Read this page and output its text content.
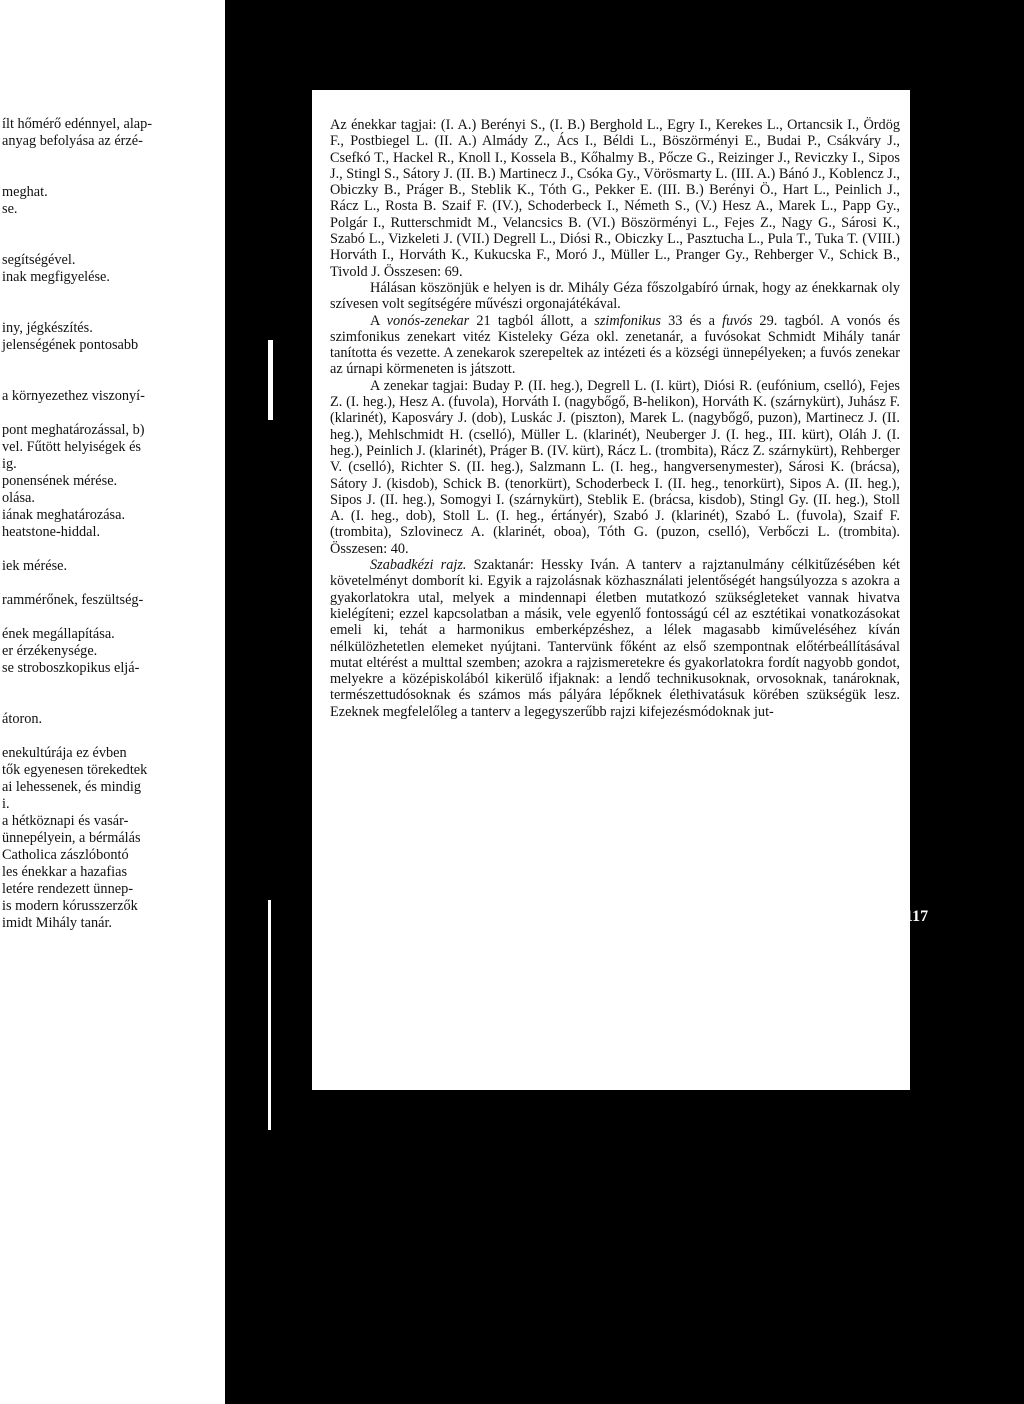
ílt hőmérő edénnyel, alap-
anyag befolyása az érzé-
meghat.
se.
segítségével.
inak megfigyelése.
iny, jégkészítés.
jelenségének pontosabb
a környezethez viszonyí-
pont meghatározással, b)
vel. Fűtött helyiségek és
ig.
ponensének mérése.
olása.
iának meghatározása.
heatstone-hiddal.
iek mérése.
rammérőnek, feszültség-
ének megállapítása.
er érzékenysége.
se stroboszkopikus eljá-
átoron.
enekultúrája ez évben
tők egyenesen törekedtek
ai lehessenek, és mindig
i.
a hétköznapi és vasár-
ünnepélyein, a bérmálás
Catholica zászlóbontó
les énekkar a hazafias
letére rendezett ünnep-
is modern kórusszerzők
imidt Mihály tanár.

Az énekkar tagjai: (I. A.) Berényi S., (I. B.) Berghold L., Egry I., Kerekes L., Ortancsik I., Ördög F., Postbiegel L. (II. A.) Almády Z., Ács I., Béldi L., Böszörményi E., Budai P., Csákváry J., Csefkó T., Hackel R., Knoll I., Kossela B., Kőhalmy B., Pőcze G., Reizinger J., Reviczky I., Sipos J., Stingl S., Sátory J. (II. B.) Martinecz J., Csóka Gy., Vörösmarty L. (III. A.) Bánó J., Koblencz J., Obiczky B., Práger B., Steblik K., Tóth G., Pekker E. (III. B.) Berényi Ö., Hart L., Peinlich J., Rácz L., Rosta B. Szaif F. (IV.), Schoderbeck I., Németh S., (V.) Hesz A., Marek L., Papp Gy., Polgár I., Rutterschmidt M., Velancsics B. (VI.) Böszörményi L., Fejes Z., Nagy G., Sárosi K., Szabó L., Vizkeleti J. (VII.) Degrell L., Diósi R., Obiczky L., Pasztucha L., Pula T., Tuka T. (VIII.) Horváth I., Horváth K., Kukucska F., Moró J., Müller L., Pranger Gy., Rehberger V., Schick B., Tivold J. Összesen: 69.

Hálásan köszönjük e helyen is dr. Mihály Géza főszolgabíró úrnak, hogy az énekkarnak oly szívesen volt segítségére művészi orgonajátékával.

A vonós-zenekar 21 tagból állott, a szimfonikus 33 és a fuvós 29. tagból. A vonós és szimfonikus zenekart vitéz Kisteleky Géza okl. zenetanár, a fuvósokat Schmidt Mihály tanár tanította és vezette. A zenekarok szerepeltek az intézeti és a községi ünnepélyeken; a fuvós zenekar az úrnapi körmeneten is játszott.

A zenekar tagjai: Buday P. (II. heg.), Degrell L. (I. kürt), Diósi R. (eufónium, cselló), Fejes Z. (I. heg.), Hesz A. (fuvola), Horváth I. (nagybőgő, B-helikon), Horváth K. (szárnykürt), Juhász F. (klarinét), Kaposváry J. (dob), Luskác J. (piszton), Marek L. (nagybőgő, puzon), Martinecz J. (II. heg.), Mehlschmidt H. (cselló), Müller L. (klarinét), Neuberger J. (I. heg., III. kürt), Oláh J. (I. heg.), Peinlich J. (klarinét), Práger B. (IV. kürt), Rácz L. (trombita), Rácz Z. szárnykürt), Rehberger V. (cselló), Richter S. (II. heg.), Salzmann L. (I. heg., hangversenymester), Sárosi K. (brácsa), Sátory J. (kisdob), Schick B. (tenorkürt), Schoderbeck I. (II. heg., tenorkürt), Sipos A. (II. heg.), Sipos J. (II. heg.), Somogyi I. (szárnykürt), Steblik E. (brácsa, kisdob), Stingl Gy. (II. heg.), Stoll A. (I. heg., dob), Stoll L. (I. heg., értányér), Szabó J. (klarinét), Szabó L. (fuvola), Szaif F. (trombita), Szlovinecz A. (klarinét, oboa), Tóth G. (puzon, cselló), Verbőczi L. (trombita). Összesen: 40.

Szabadkézi rajz. Szaktanár: Hessky Iván. A tanterv a rajztanulmány célkitűzésében két követelményt domborít ki. Egyik a rajzolásnak közhasználati jelentőségét hangsúlyozza s azokra a gyakorlatokra utal, melyek a mindennapi életben mutatkozó szükségleteket vannak hivatva kielégíteni; ezzel kapcsolatban a másik, vele egyenlő fontosságú cél az esztétikai vonatkozásokat emeli ki, tehát a harmonikus emberképzéshez, a lélek magasabb kiműveléséhez kíván nélkülözhetetlen elemeket nyújtani. Tantervünk főként az első szempontnak előtérbeállításával mutat eltérést a multtal szemben; azokra a rajzismeretekre és gyakorlatokra fordít nagyobb gondot, melyekre a középiskolából kikerülő ifjaknak: a lendő technikusoknak, orvosoknak, tanároknak, természettudósoknak és számos más pályára lépőknek élethivatásuk körében szükségük lesz. Ezeknek megfelelőleg a tanterv a legegyszerűbb rajzi kifejezésmódoknak jut-

117
